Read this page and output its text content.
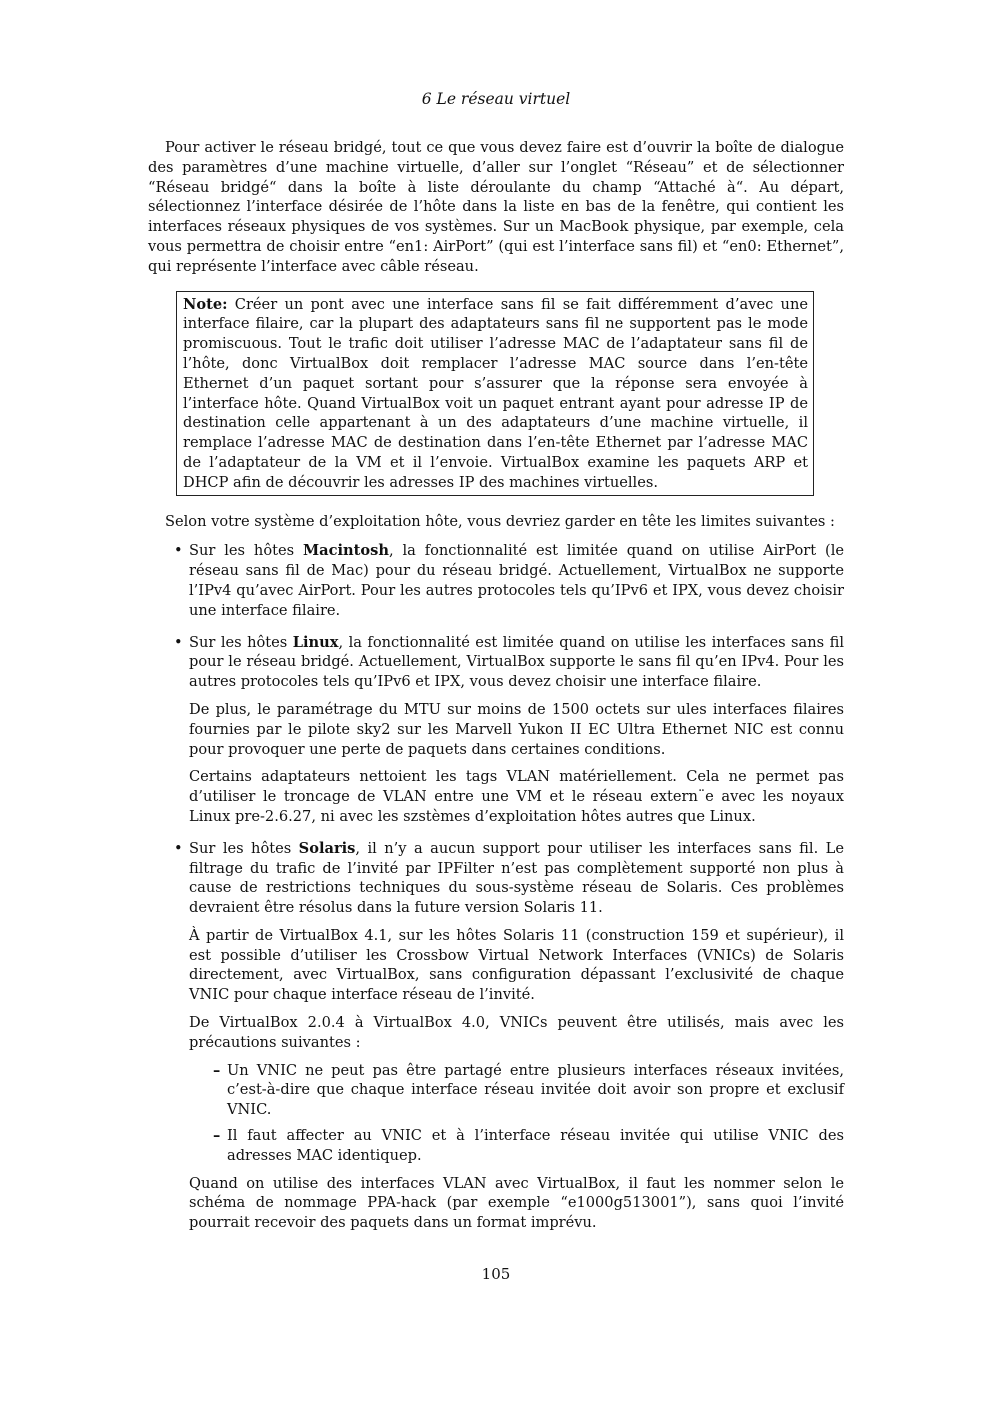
6 Le réseau virtuel

Pour activer le réseau bridgé, tout ce que vous devez faire est d’ouvrir la boîte de dialogue des paramètres d’une machine virtuelle, d’aller sur l’onglet “Réseau” et de sélectionner “Réseau bridgé“ dans la boîte à liste déroulante du champ “Attaché à“. Au départ, sélectionnez l’interface désirée de l’hôte dans la liste en bas de la fenêtre, qui contient les interfaces réseaux physiques de vos systèmes. Sur un MacBook physique, par exemple, cela vous permettra de choisir entre “en1: AirPort” (qui est l’interface sans fil) et “en0: Ethernet”, qui représente l’interface avec câble réseau.

Note: Créer un pont avec une interface sans fil se fait différemment d’avec une interface filaire, car la plupart des adaptateurs sans fil ne supportent pas le mode promiscuous. Tout le trafic doit utiliser l’adresse MAC de l’adaptateur sans fil de l’hôte, donc VirtualBox doit remplacer l’adresse MAC source dans l’en-tête Ethernet d’un paquet sortant pour s’assurer que la réponse sera envoyée à l’interface hôte. Quand VirtualBox voit un paquet entrant ayant pour adresse IP de destination celle appartenant à un des adaptateurs d’une machine virtuelle, il remplace l’adresse MAC de destination dans l’en-tête Ethernet par l’adresse MAC de l’adaptateur de la VM et il l’envoie. VirtualBox examine les paquets ARP et DHCP afin de découvrir les adresses IP des machines virtuelles.

Selon votre système d’exploitation hôte, vous devriez garder en tête les limites suivantes :

• Sur les hôtes Macintosh, la fonctionnalité est limitée quand on utilise AirPort (le réseau sans fil de Mac) pour du réseau bridgé. Actuellement, VirtualBox ne supporte l’IPv4 qu’avec AirPort. Pour les autres protocoles tels qu’IPv6 et IPX, vous devez choisir une interface filaire.

• Sur les hôtes Linux, la fonctionnalité est limitée quand on utilise les interfaces sans fil pour le réseau bridgé. Actuellement, VirtualBox supporte le sans fil qu’en IPv4. Pour les autres protocoles tels qu’IPv6 et IPX, vous devez choisir une interface filaire.

De plus, le paramétrage du MTU sur moins de 1500 octets sur ules interfaces filaires fournies par le pilote sky2 sur les Marvell Yukon II EC Ultra Ethernet NIC est connu pour provoquer une perte de paquets dans certaines conditions.

Certains adaptateurs nettoient les tags VLAN matériellement. Cela ne permet pas d’utiliser le troncage de VLAN entre une VM et le réseau extern¨e avec les noyaux Linux pre-2.6.27, ni avec les szstèmes d’exploitation hôtes autres que Linux.

• Sur les hôtes Solaris, il n’y a aucun support pour utiliser les interfaces sans fil. Le filtrage du trafic de l’invité par IPFilter n’est pas complètement supporté non plus à cause de restrictions techniques du sous-système réseau de Solaris. Ces problèmes devraient être résolus dans la future version Solaris 11.

À partir de VirtualBox 4.1, sur les hôtes Solaris 11 (construction 159 et supérieur), il est possible d’utiliser les Crossbow Virtual Network Interfaces (VNICs) de Solaris directement, avec VirtualBox, sans configuration dépassant l’exclusivité de chaque VNIC pour chaque interface réseau de l’invité.

De VirtualBox 2.0.4 à VirtualBox 4.0, VNICs peuvent être utilisés, mais avec les précautions suivantes :

– Un VNIC ne peut pas être partagé entre plusieurs interfaces réseaux invitées, c’est-à-dire que chaque interface réseau invitée doit avoir son propre et exclusif VNIC.

– Il faut affecter au VNIC et à l’interface réseau invitée qui utilise VNIC des adresses MAC identiquep.

Quand on utilise des interfaces VLAN avec VirtualBox, il faut les nommer selon le schéma de nommage PPA-hack (par exemple “e1000g513001”), sans quoi l’invité pourrait recevoir des paquets dans un format imprévu.

105
